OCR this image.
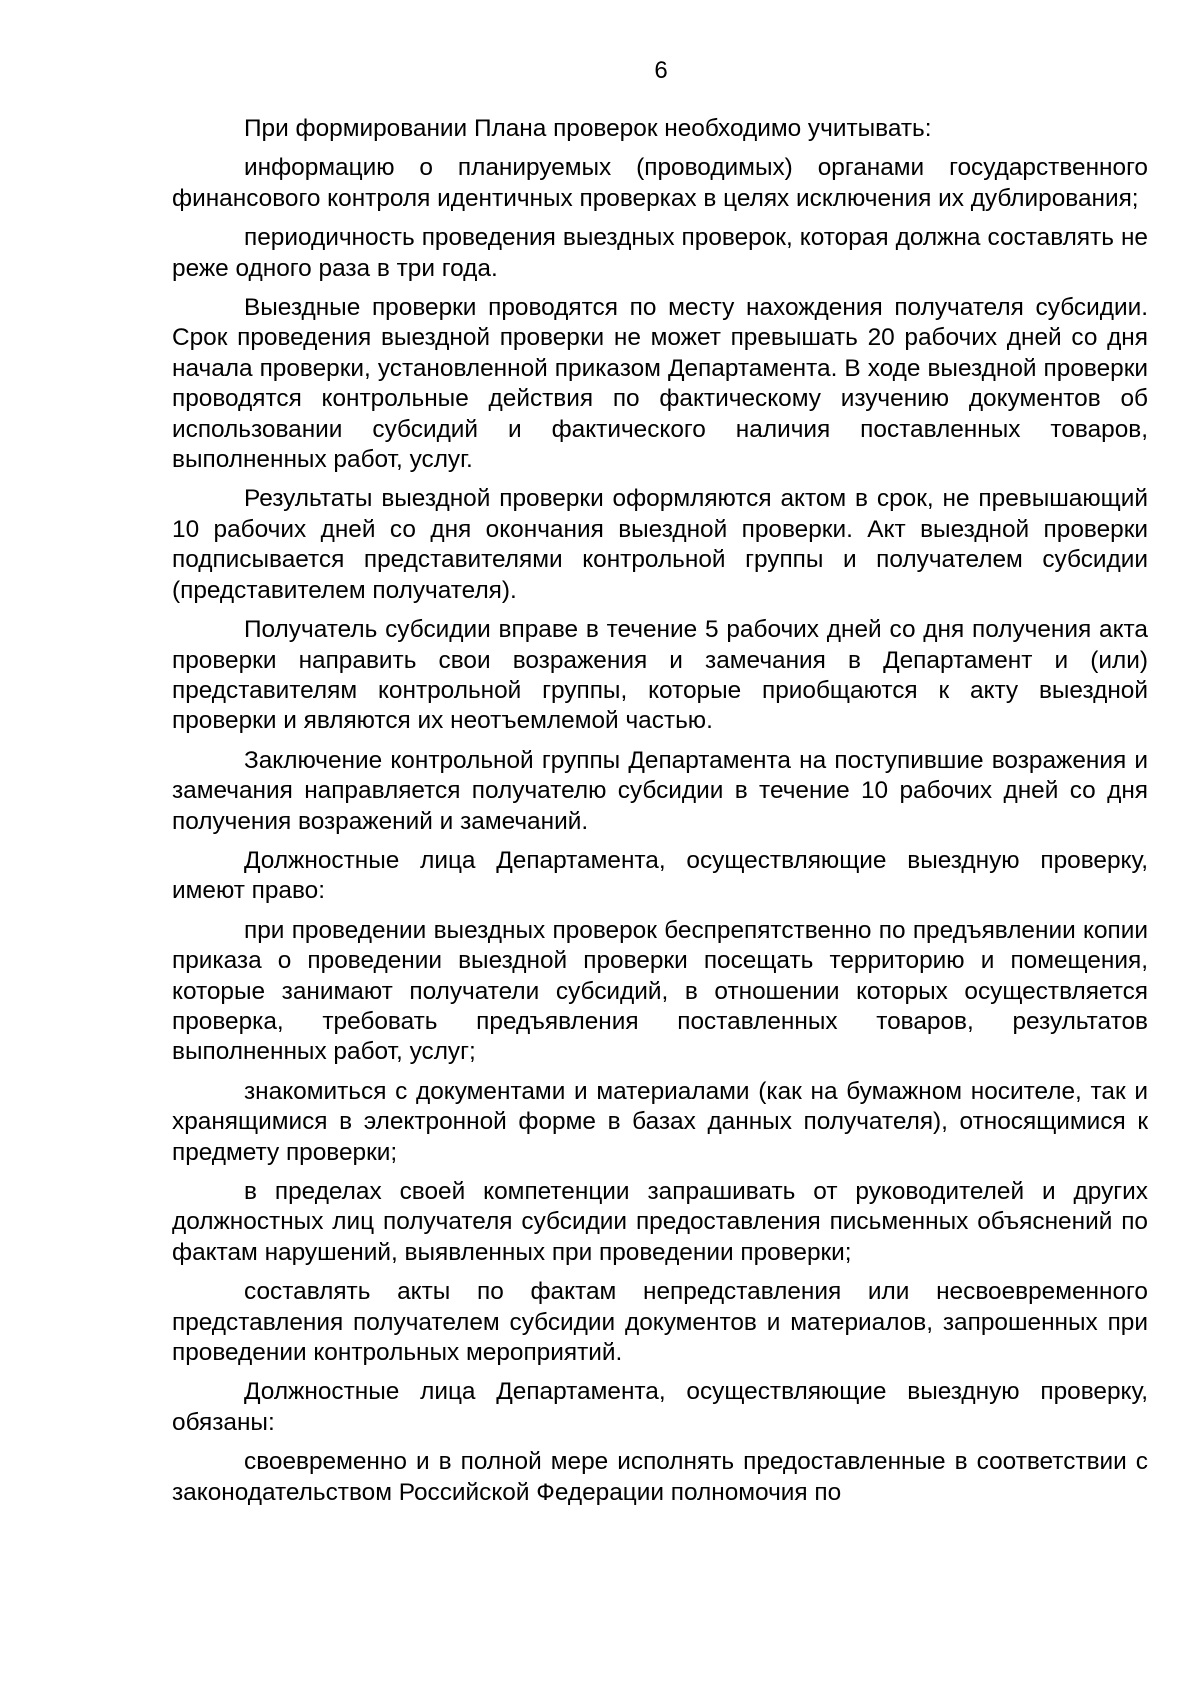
6

При формировании Плана проверок необходимо учитывать:

информацию о планируемых (проводимых) органами государственного финансового контроля идентичных проверках в целях исключения их дублирования;

периодичность проведения выездных проверок, которая должна составлять не реже одного раза в три года.

Выездные проверки проводятся по месту нахождения получателя субсидии. Срок проведения выездной проверки не может превышать 20 рабочих дней со дня начала проверки, установленной приказом Департамента. В ходе выездной проверки проводятся контрольные действия по фактическому изучению документов об использовании субсидий и фактического наличия поставленных товаров, выполненных работ, услуг.

Результаты выездной проверки оформляются актом в срок, не превышающий 10 рабочих дней со дня окончания выездной проверки. Акт выездной проверки подписывается представителями контрольной группы и получателем субсидии (представителем получателя).

Получатель субсидии вправе в течение 5 рабочих дней со дня получения акта проверки направить свои возражения и замечания в Департамент и (или) представителям контрольной группы, которые приобщаются к акту выездной проверки и являются их неотъемлемой частью.

Заключение контрольной группы Департамента на поступившие возражения и замечания направляется получателю субсидии в течение 10 рабочих дней со дня получения возражений и замечаний.

Должностные лица Департамента, осуществляющие выездную проверку, имеют право:

при проведении выездных проверок беспрепятственно по предъявлении копии приказа о проведении выездной проверки посещать территорию и помещения, которые занимают получатели субсидий, в отношении которых осуществляется проверка, требовать предъявления поставленных товаров, результатов выполненных работ, услуг;

знакомиться с документами и материалами (как на бумажном носителе, так и хранящимися в электронной форме в базах данных получателя), относящимися к предмету проверки;

в пределах своей компетенции запрашивать от руководителей и других должностных лиц получателя субсидии предоставления письменных объяснений по фактам нарушений, выявленных при проведении проверки;

составлять акты по фактам непредставления или несвоевременного представления получателем субсидии документов и материалов, запрошенных при проведении контрольных мероприятий.

Должностные лица Департамента, осуществляющие выездную проверку, обязаны:

своевременно и в полной мере исполнять предоставленные в соответствии с законодательством Российской Федерации полномочия по
